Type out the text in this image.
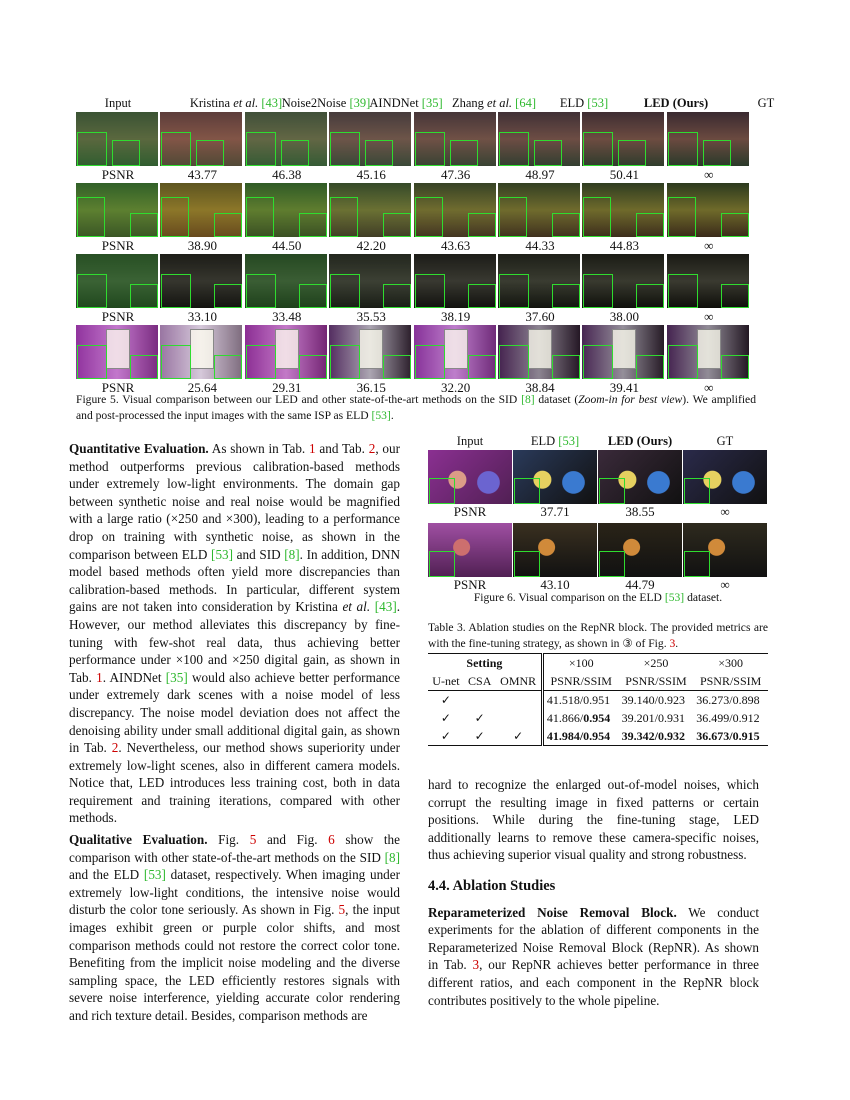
Input	Kristina et al. [43] Noise2Noise [39] AINDNet [35] Zhang et al. [64]	ELD [53]	LED (Ours)	GT
PSNR	43.77	46.38	45.16	47.36	48.97	50.41	∞
PSNR	38.90	44.50	42.20	43.63	44.33	44.83	∞
PSNR	33.10	33.48	35.53	38.19	37.60	38.00	∞
PSNR	25.64	29.31	36.15	32.20	38.84	39.41	∞
Figure 5. Visual comparison between our LED and other state-of-the-art methods on the SID [8] dataset (Zoom-in for best view). We amplified and post-processed the input images with the same ISP as ELD [53].

Quantitative Evaluation. As shown in Tab. 1 and Tab. 2, our method outperforms previous calibration-based methods under extremely low-light environments. The domain gap between synthetic noise and real noise would be magnified with a large ratio (×250 and ×300), leading to a performance drop on training with synthetic noise, as shown in the comparison between ELD [53] and SID [8]. In addition, DNN model based methods often yield more discrepancies than calibration-based methods. In particular, different system gains are not taken into consideration by Kristina et al. [43]. However, our method alleviates this discrepancy by fine-tuning with few-shot real data, thus achieving better performance under ×100 and ×250 digital gain, as shown in Tab. 1. AINDNet [35] would also achieve better performance under extremely dark scenes with a noise model of less discrepancy. The noise model deviation does not affect the denoising ability under small additional digital gain, as shown in Tab. 2. Nevertheless, our method shows superiority under extremely low-light scenes, also in different camera models. Notice that, LED introduces less training cost, both in data requirement and training iterations, compared with other methods.

Qualitative Evaluation. Fig. 5 and Fig. 6 show the comparison with other state-of-the-art methods on the SID [8] and the ELD [53] dataset, respectively. When imaging under extremely low-light conditions, the intensive noise would disturb the color tone seriously. As shown in Fig. 5, the input images exhibit green or purple color shifts, and most comparison methods could not restore the correct color tone. Benefiting from the implicit noise modeling and the diverse sampling space, the LED efficiently restores signals with severe noise interference, yielding accurate color rendering and rich texture detail. Besides, comparison methods are

Input	ELD [53]	LED (Ours)	GT
PSNR	37.71	38.55	∞
PSNR	43.10	44.79	∞
Figure 6. Visual comparison on the ELD [53] dataset.
Table 3. Ablation studies on the RepNR block. The provided metrics are with the fine-tuning strategy, as shown in ③ of Fig. 3.
Setting			×100	×250	×300
U-net	CSA	OMNR	PSNR/SSIM	PSNR/SSIM	PSNR/SSIM
✓			41.518/0.951	39.140/0.923	36.273/0.898
✓	✓		41.866/0.954	39.201/0.931	36.499/0.912
✓	✓	✓	41.984/0.954	39.342/0.932	36.673/0.915

hard to recognize the enlarged out-of-model noises, which corrupt the resulting image in fixed patterns or certain positions. While during the fine-tuning stage, LED additionally learns to remove these camera-specific noises, thus achieving superior visual quality and strong robustness.

4.4. Ablation Studies

Reparameterized Noise Removal Block. We conduct experiments for the ablation of different components in the Reparameterized Noise Removal Block (RepNR). As shown in Tab. 3, our RepNR achieves better performance in three different ratios, and each component in the RepNR block contributes positively to the whole pipeline.
